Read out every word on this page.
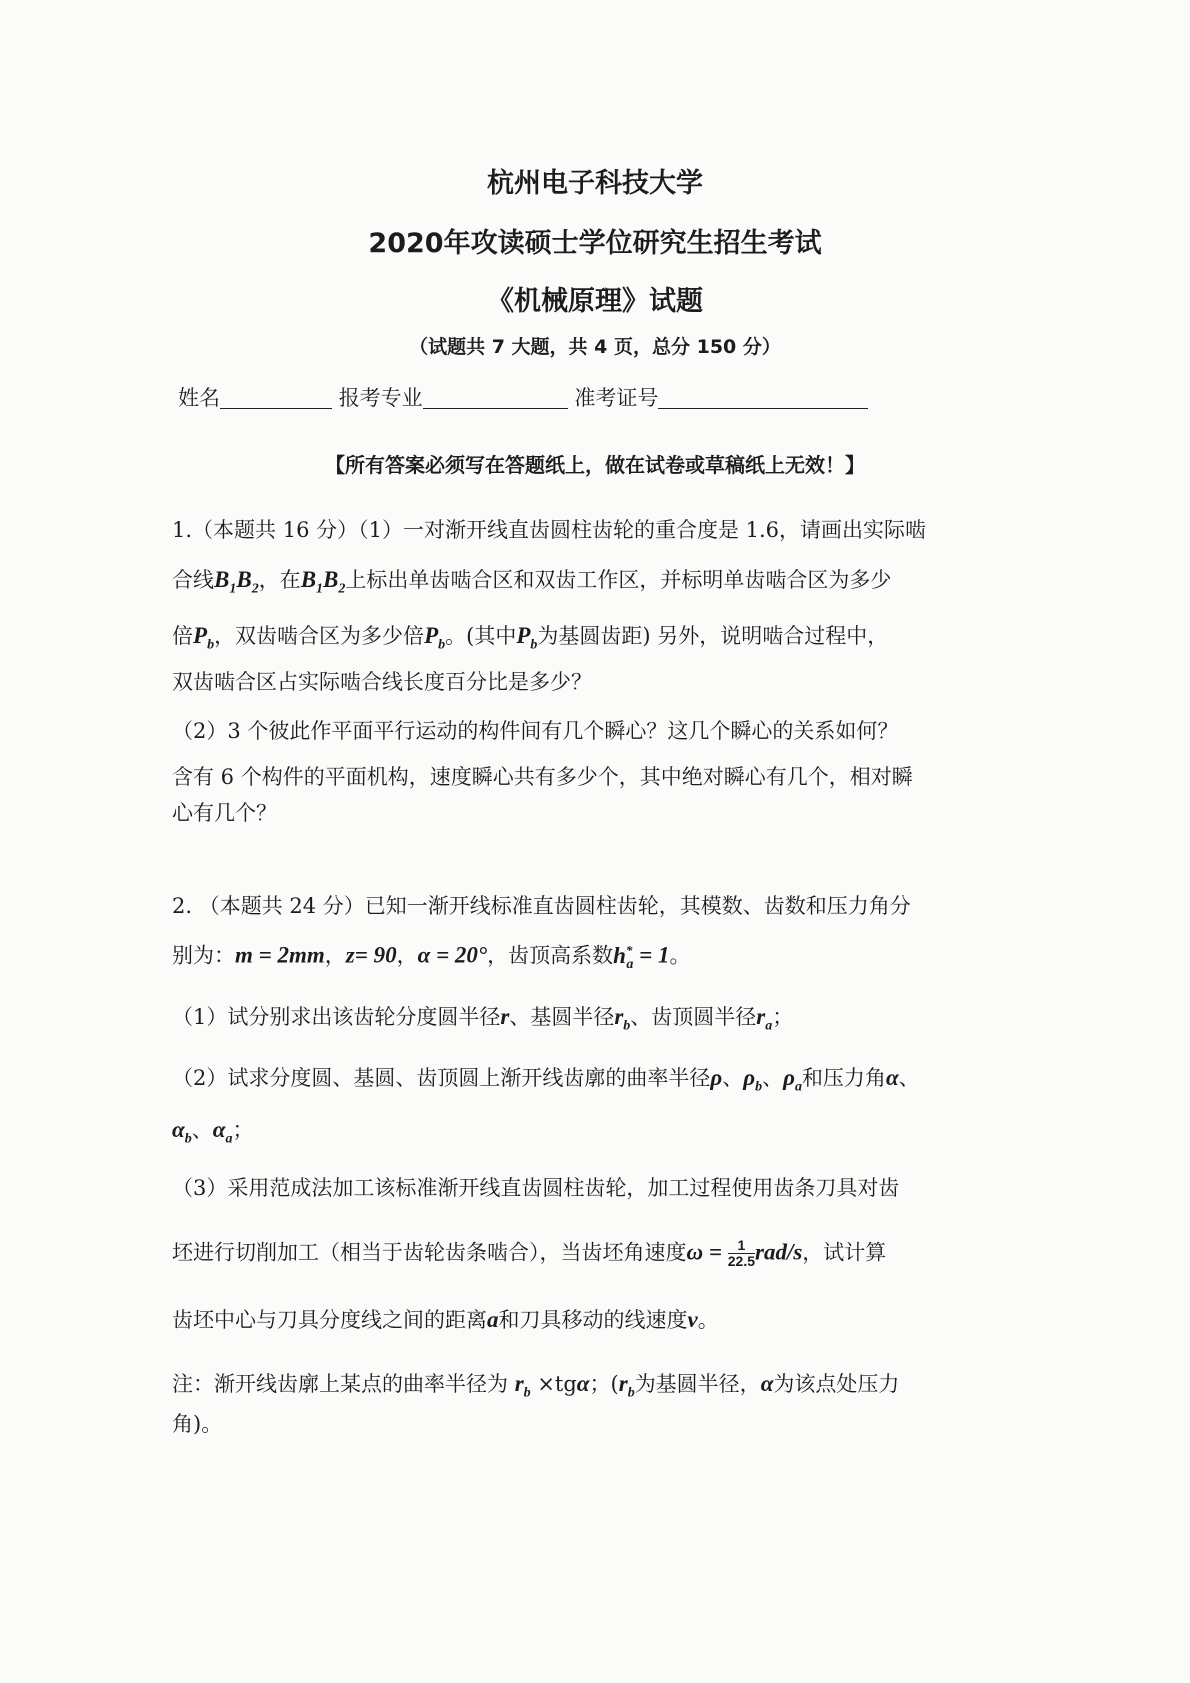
杭州电子科技大学
2020年攻读硕士学位研究生招生考试
《机械原理》试题
（试题共 7 大题，共 4 页，总分 150 分）
姓名	报考专业	准考证号
【所有答案必须写在答题纸上，做在试卷或草稿纸上无效！】
1.（本题共 16 分）（1）一对渐开线直齿圆柱齿轮的重合度是 1.6，请画出实际啮
合线$B_1B_2$，在$B_1B_2$上标出单齿啮合区和双齿工作区，并标明单齿啮合区为多少
倍$P_b$，双齿啮合区为多少倍$P_b$。(其中$P_b$为基圆齿距) 另外，说明啮合过程中，
双齿啮合区占实际啮合线长度百分比是多少？
（2）3 个彼此作平面平行运动的构件间有几个瞬心？这几个瞬心的关系如何？
含有 6 个构件的平面机构，速度瞬心共有多少个，其中绝对瞬心有几个，相对瞬
心有几个？
2. （本题共 24 分）已知一渐开线标准直齿圆柱齿轮，其模数、齿数和压力角分
别为：m = 2mm，z= 90，α = 20°，齿顶高系数$h^*_a = 1$。
（1）试分别求出该齿轮分度圆半径r、基圆半径$r_b$、齿顶圆半径$r_a$；
（2）试求分度圆、基圆、齿顶圆上渐开线齿廓的曲率半径ρ、$\rho_b$、$\rho_a$和压力角α、
$\alpha_b$、$\alpha_a$；
（3）采用范成法加工该标准渐开线直齿圆柱齿轮，加工过程使用齿条刀具对齿
坯进行切削加工（相当于齿轮齿条啮合），当齿坯角速度$\omega = \frac{1}{22.5} rad/s$，试计算
齿坯中心与刀具分度线之间的距离a和刀具移动的线速度v。
注：渐开线齿廓上某点的曲率半径为 $r_b \times tg\alpha$；($r_b$为基圆半径，α为该点处压力
角)。
